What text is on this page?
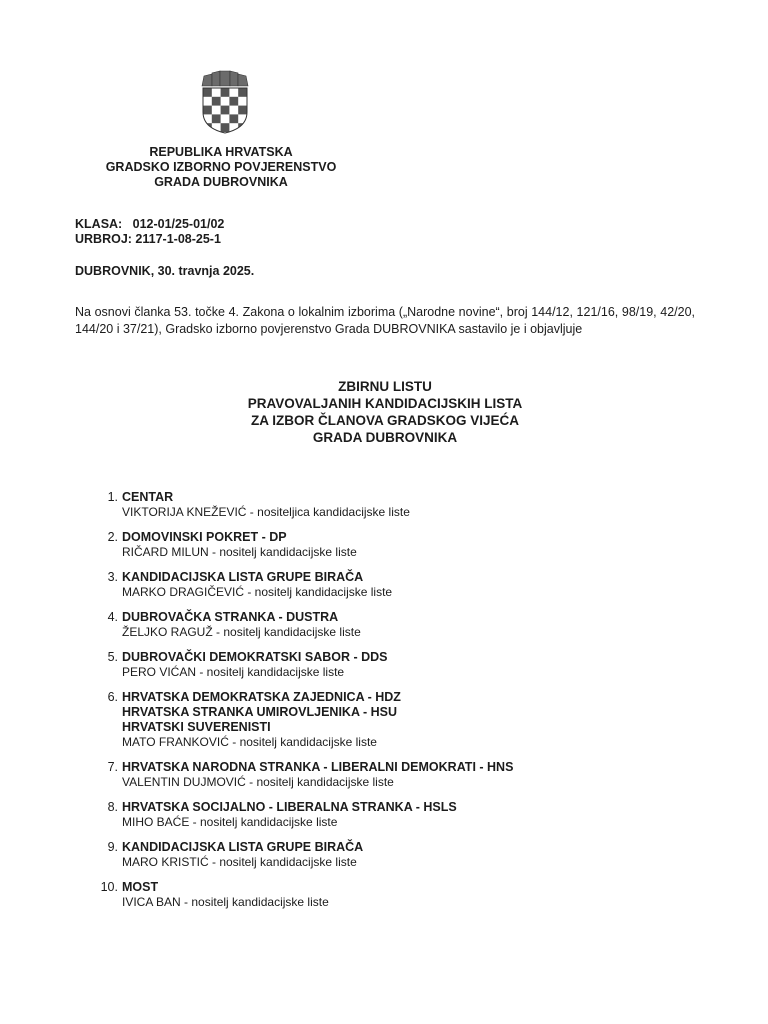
REPUBLIKA HRVATSKA
GRADSKO IZBORNO POVJERENSTVO
GRADA DUBROVNIKA
KLASA:   012-01/25-01/02
URBROJ: 2117-1-08-25-1
DUBROVNIK, 30. travnja 2025.
Na osnovi članka 53. točke 4. Zakona o lokalnim izborima („Narodne novine“, broj 144/12, 121/16, 98/19, 42/20, 144/20 i 37/21), Gradsko izborno povjerenstvo Grada DUBROVNIKA sastavilo je i objavljuje
ZBIRNU LISTU
PRAVOVALJANIH KANDIDACIJSKIH LISTA
ZA IZBOR ČLANOVA GRADSKOG VIJEĆA
GRADA DUBROVNIKA
1. CENTAR
VIKTORIJA KNEŽEVIĆ - nositeljica kandidacijske liste
2. DOMOVINSKI POKRET - DP
RIČARD MILUN - nositelj kandidacijske liste
3. KANDIDACIJSKA LISTA GRUPE BIRAČA
MARKO DRAGIČEVIĆ - nositelj kandidacijske liste
4. DUBROVAČKA STRANKA - DUSTRA
ŽELJKO RAGUŽ - nositelj kandidacijske liste
5. DUBROVAČKI DEMOKRATSKI SABOR - DDS
PERO VIĆAN - nositelj kandidacijske liste
6. HRVATSKA DEMOKRATSKA ZAJEDNICA - HDZ
HRVATSKA STRANKA UMIROVLJENIKA - HSU
HRVATSKI SUVERENISTI
MATO FRANKOVIĆ - nositelj kandidacijske liste
7. HRVATSKA NARODNA STRANKA - LIBERALNI DEMOKRATI - HNS
VALENTIN DUJMOVIĆ - nositelj kandidacijske liste
8. HRVATSKA SOCIJALNO - LIBERALNA STRANKA - HSLS
MIHO BAĆE - nositelj kandidacijske liste
9. KANDIDACIJSKA LISTA GRUPE BIRAČA
MARO KRISTIĆ - nositelj kandidacijske liste
10. MOST
IVICA BAN - nositelj kandidacijske liste
